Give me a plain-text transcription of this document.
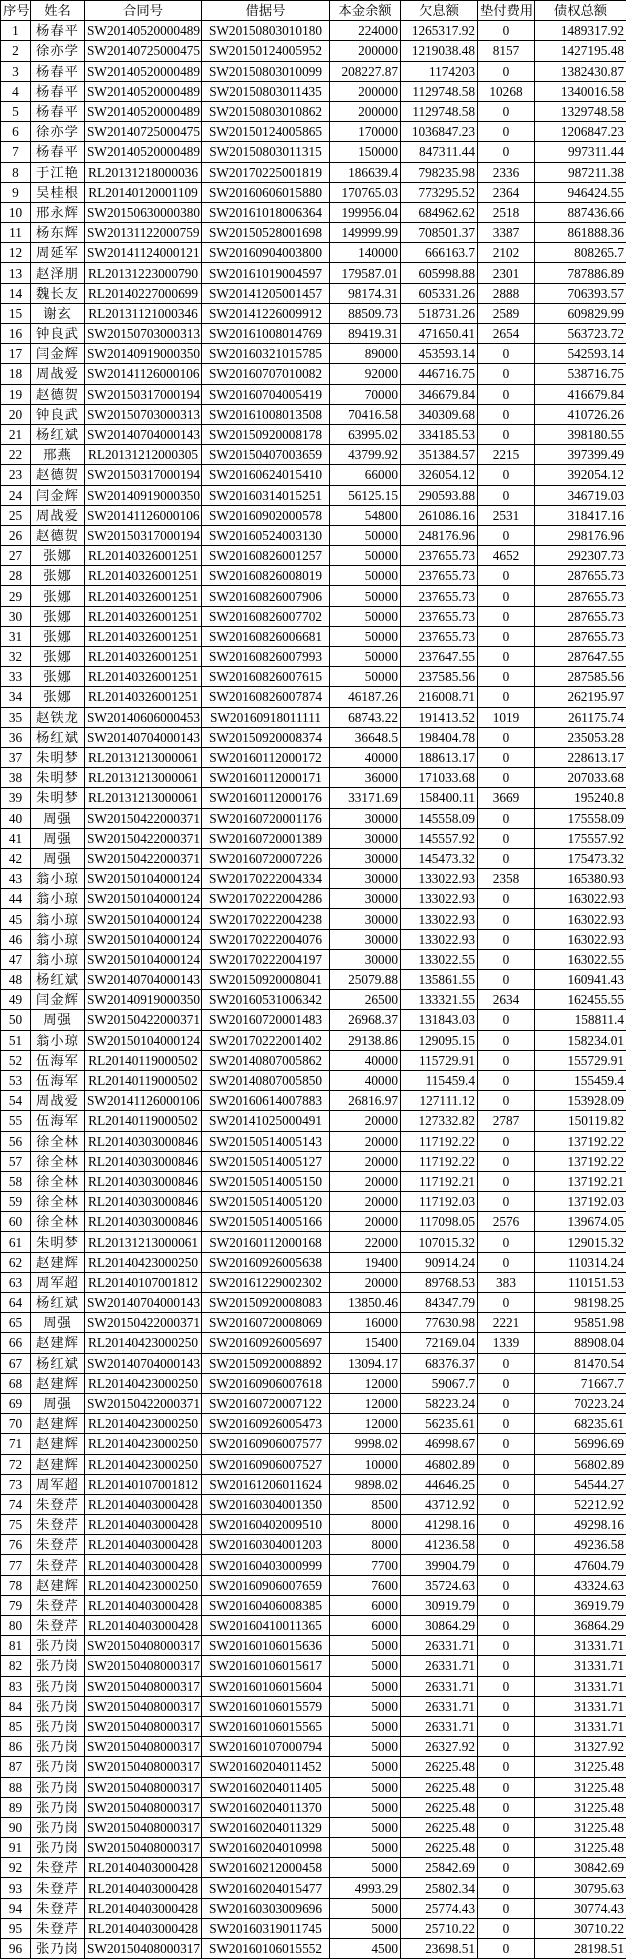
序号	姓名	合同号	借据号	本金余额	欠息额	垫付费用	债权总额
1	杨春平	SW20140520000489	SW20150803010180	224000	1265317.92	0	1489317.92
2	徐亦学	SW20140725000475	SW20150124005952	200000	1219038.48	8157	1427195.48
3	杨春平	SW20140520000489	SW20150803010099	208227.87	1174203	0	1382430.87
4	杨春平	SW20140520000489	SW20150803011435	200000	1129748.58	10268	1340016.58
5	杨春平	SW20140520000489	SW20150803010862	200000	1129748.58	0	1329748.58
6	徐亦学	SW20140725000475	SW20150124005865	170000	1036847.23	0	1206847.23
7	杨春平	SW20140520000489	SW20150803011315	150000	847311.44	0	997311.44
8	于江艳	RL20131218000036	SW20170225001819	186639.4	798235.98	2336	987211.38
9	吴桂根	RL20140120001109	SW20160606015880	170765.03	773295.52	2364	946424.55
10	邢永辉	SW20150630000380	SW20161018006364	199956.04	684962.62	2518	887436.66
11	杨东辉	SW20131122000759	SW20150528001698	149999.99	708501.37	3387	861888.36
12	周延军	SW20141124000121	SW20160904003800	140000	666163.7	2102	808265.7
13	赵泽朋	RL20131223000790	SW20161019004597	179587.01	605998.88	2301	787886.89
14	魏长友	RL20140227000699	SW20141205001457	98174.31	605331.26	2888	706393.57
15	谢玄	RL20131121000346	SW20141226009912	88509.73	518731.26	2589	609829.99
16	钟良武	SW20150703000313	SW20161008014769	89419.31	471650.41	2654	563723.72
17	闫金辉	SW20140919000350	SW20160321015785	89000	453593.14	0	542593.14
18	周战爱	SW20141126000106	SW20160707010082	92000	446716.75	0	538716.75
19	赵德贺	SW20150317000194	SW20160704005419	70000	346679.84	0	416679.84
20	钟良武	SW20150703000313	SW20161008013508	70416.58	340309.68	0	410726.26
21	杨红斌	SW20140704000143	SW20150920008178	63995.02	334185.53	0	398180.55
22	邢燕	RL20131212000305	SW20150407003659	43799.92	351384.57	2215	397399.49
23	赵德贺	SW20150317000194	SW20160624015410	66000	326054.12	0	392054.12
24	闫金辉	SW20140919000350	SW20160314015251	56125.15	290593.88	0	346719.03
25	周战爱	SW20141126000106	SW20160902000578	54800	261086.16	2531	318417.16
26	赵德贺	SW20150317000194	SW20160524003130	50000	248176.96	0	298176.96
27	张娜	RL20140326001251	SW20160826001257	50000	237655.73	4652	292307.73
28	张娜	RL20140326001251	SW20160826008019	50000	237655.73	0	287655.73
29	张娜	RL20140326001251	SW20160826007906	50000	237655.73	0	287655.73
30	张娜	RL20140326001251	SW20160826007702	50000	237655.73	0	287655.73
31	张娜	RL20140326001251	SW20160826006681	50000	237655.73	0	287655.73
32	张娜	RL20140326001251	SW20160826007993	50000	237647.55	0	287647.55
33	张娜	RL20140326001251	SW20160826007615	50000	237585.56	0	287585.56
34	张娜	RL20140326001251	SW20160826007874	46187.26	216008.71	0	262195.97
35	赵铁龙	SW20140606000453	SW20160918011111	68743.22	191413.52	1019	261175.74
36	杨红斌	SW20140704000143	SW20150920008374	36648.5	198404.78	0	235053.28
37	朱明梦	RL20131213000061	SW20160112000172	40000	188613.17	0	228613.17
38	朱明梦	RL20131213000061	SW20160112000171	36000	171033.68	0	207033.68
39	朱明梦	RL20131213000061	SW20160112000176	33171.69	158400.11	3669	195240.8
40	周强	SW20150422000371	SW20160720001176	30000	145558.09	0	175558.09
41	周强	SW20150422000371	SW20160720001389	30000	145557.92	0	175557.92
42	周强	SW20150422000371	SW20160720007226	30000	145473.32	0	175473.32
43	翁小琼	SW20150104000124	SW20170222004334	30000	133022.93	2358	165380.93
44	翁小琼	SW20150104000124	SW20170222004286	30000	133022.93	0	163022.93
45	翁小琼	SW20150104000124	SW20170222004238	30000	133022.93	0	163022.93
46	翁小琼	SW20150104000124	SW20170222004076	30000	133022.93	0	163022.93
47	翁小琼	SW20150104000124	SW20170222004197	30000	133022.55	0	163022.55
48	杨红斌	SW20140704000143	SW20150920008041	25079.88	135861.55	0	160941.43
49	闫金辉	SW20140919000350	SW20160531006342	26500	133321.55	2634	162455.55
50	周强	SW20150422000371	SW20160720001483	26968.37	131843.03	0	158811.4
51	翁小琼	SW20150104000124	SW20170222001402	29138.86	129095.15	0	158234.01
52	伍海军	RL20140119000502	SW20140807005862	40000	115729.91	0	155729.91
53	伍海军	RL20140119000502	SW20140807005850	40000	115459.4	0	155459.4
54	周战爱	SW20141126000106	SW20160614007883	26816.97	127111.12	0	153928.09
55	伍海军	RL20140119000502	SW20141025000491	20000	127332.82	2787	150119.82
56	徐全林	RL20140303000846	SW20150514005143	20000	117192.22	0	137192.22
57	徐全林	RL20140303000846	SW20150514005127	20000	117192.22	0	137192.22
58	徐全林	RL20140303000846	SW20150514005150	20000	117192.21	0	137192.21
59	徐全林	RL20140303000846	SW20150514005120	20000	117192.03	0	137192.03
60	徐全林	RL20140303000846	SW20150514005166	20000	117098.05	2576	139674.05
61	朱明梦	RL20131213000061	SW20160112000168	22000	107015.32	0	129015.32
62	赵建辉	RL20140423000250	SW20160926005638	19400	90914.24	0	110314.24
63	周军超	RL20140107001812	SW20161229002302	20000	89768.53	383	110151.53
64	杨红斌	SW20140704000143	SW20150920008083	13850.46	84347.79	0	98198.25
65	周强	SW20150422000371	SW20160720008069	16000	77630.98	2221	95851.98
66	赵建辉	RL20140423000250	SW20160926005697	15400	72169.04	1339	88908.04
67	杨红斌	SW20140704000143	SW20150920008892	13094.17	68376.37	0	81470.54
68	赵建辉	RL20140423000250	SW20160906007618	12000	59067.7	0	71667.7
69	周强	SW20150422000371	SW20160720007122	12000	58223.24	0	70223.24
70	赵建辉	RL20140423000250	SW20160926005473	12000	56235.61	0	68235.61
71	赵建辉	RL20140423000250	SW20160906007577	9998.02	46998.67	0	56996.69
72	赵建辉	RL20140423000250	SW20160906007527	10000	46802.89	0	56802.89
73	周军超	RL20140107001812	SW20161206011624	9898.02	44646.25	0	54544.27
74	朱登芹	RL20140403000428	SW20160304001350	8500	43712.92	0	52212.92
75	朱登芹	RL20140403000428	SW20160402009510	8000	41298.16	0	49298.16
76	朱登芹	RL20140403000428	SW20160304001203	8000	41236.58	0	49236.58
77	朱登芹	RL20140403000428	SW20160403000999	7700	39904.79	0	47604.79
78	赵建辉	RL20140423000250	SW20160906007659	7600	35724.63	0	43324.63
79	朱登芹	RL20140403000428	SW20160406008385	6000	30919.79	0	36919.79
80	朱登芹	RL20140403000428	SW20160410011365	6000	30864.29	0	36864.29
81	张乃岗	SW20150408000317	SW20160106015636	5000	26331.71	0	31331.71
82	张乃岗	SW20150408000317	SW20160106015617	5000	26331.71	0	31331.71
83	张乃岗	SW20150408000317	SW20160106015604	5000	26331.71	0	31331.71
84	张乃岗	SW20150408000317	SW20160106015579	5000	26331.71	0	31331.71
85	张乃岗	SW20150408000317	SW20160106015565	5000	26331.71	0	31331.71
86	张乃岗	SW20150408000317	SW20160107000794	5000	26327.92	0	31327.92
87	张乃岗	SW20150408000317	SW20160204011452	5000	26225.48	0	31225.48
88	张乃岗	SW20150408000317	SW20160204011405	5000	26225.48	0	31225.48
89	张乃岗	SW20150408000317	SW20160204011370	5000	26225.48	0	31225.48
90	张乃岗	SW20150408000317	SW20160204011329	5000	26225.48	0	31225.48
91	张乃岗	SW20150408000317	SW20160204010998	5000	26225.48	0	31225.48
92	朱登芹	RL20140403000428	SW20160212000458	5000	25842.69	0	30842.69
93	朱登芹	RL20140403000428	SW20160204015477	4993.29	25802.34	0	30795.63
94	朱登芹	RL20140403000428	SW20160303009696	5000	25774.43	0	30774.43
95	朱登芹	RL20140403000428	SW20160319011745	5000	25710.22	0	30710.22
96	张乃岗	SW20150408000317	SW20160106015552	4500	23698.51	0	28198.51
